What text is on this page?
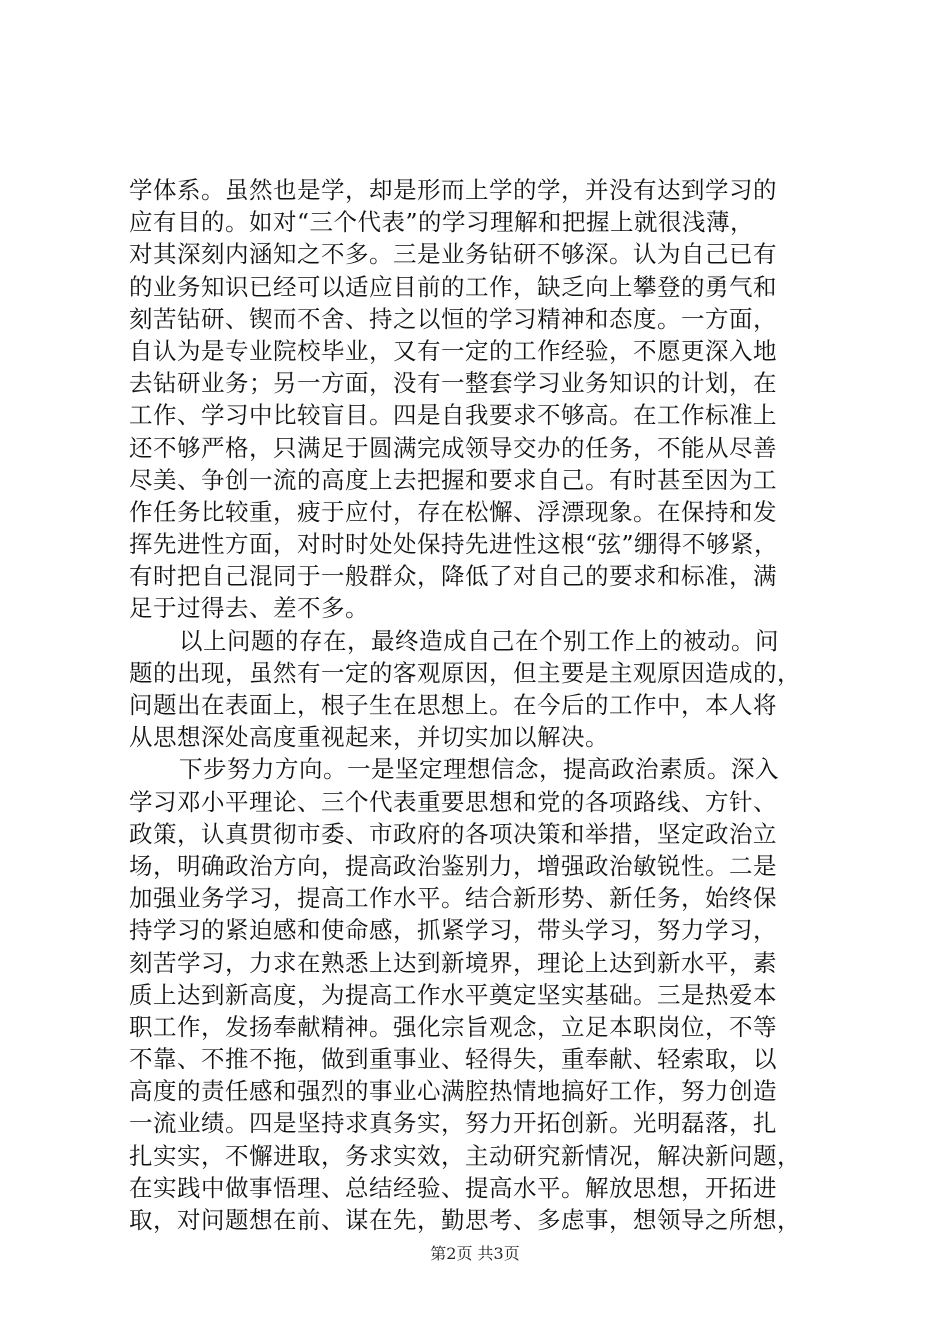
学体系。虽然也是学，却是形而上学的学，并没有达到学习的
应有目的。如对“三个代表”的学习理解和把握上就很浅薄，
对其深刻内涵知之不多。三是业务钻研不够深。认为自己已有
的业务知识已经可以适应目前的工作，缺乏向上攀登的勇气和
刻苦钻研、锲而不舍、持之以恒的学习精神和态度。一方面，
自认为是专业院校毕业，又有一定的工作经验，不愿更深入地
去钻研业务；另一方面，没有一整套学习业务知识的计划，在
工作、学习中比较盲目。四是自我要求不够高。在工作标准上
还不够严格，只满足于圆满完成领导交办的任务，不能从尽善
尽美、争创一流的高度上去把握和要求自己。有时甚至因为工
作任务比较重，疲于应付，存在松懈、浮漂现象。在保持和发
挥先进性方面，对时时处处保持先进性这根“弦”绷得不够紧，
有时把自己混同于一般群众，降低了对自己的要求和标准，满
足于过得去、差不多。
以上问题的存在，最终造成自己在个别工作上的被动。问
题的出现，虽然有一定的客观原因，但主要是主观原因造成的，
问题出在表面上，根子生在思想上。在今后的工作中，本人将
从思想深处高度重视起来，并切实加以解决。
下步努力方向。一是坚定理想信念，提高政治素质。深入
学习邓小平理论、三个代表重要思想和党的各项路线、方针、
政策，认真贯彻市委、市政府的各项决策和举措，坚定政治立
场，明确政治方向，提高政治鉴别力，增强政治敏锐性。二是
加强业务学习，提高工作水平。结合新形势、新任务，始终保
持学习的紧迫感和使命感，抓紧学习，带头学习，努力学习，
刻苦学习，力求在熟悉上达到新境界，理论上达到新水平，素
质上达到新高度，为提高工作水平奠定坚实基础。三是热爱本
职工作，发扬奉献精神。强化宗旨观念，立足本职岗位，不等
不靠、不推不拖，做到重事业、轻得失，重奉献、轻索取，以
高度的责任感和强烈的事业心满腔热情地搞好工作，努力创造
一流业绩。四是坚持求真务实，努力开拓创新。光明磊落，扎
扎实实，不懈进取，务求实效，主动研究新情况，解决新问题，
在实践中做事悟理、总结经验、提高水平。解放思想，开拓进
取，对问题想在前、谋在先，勤思考、多虑事，想领导之所想，
第2页 共3页
